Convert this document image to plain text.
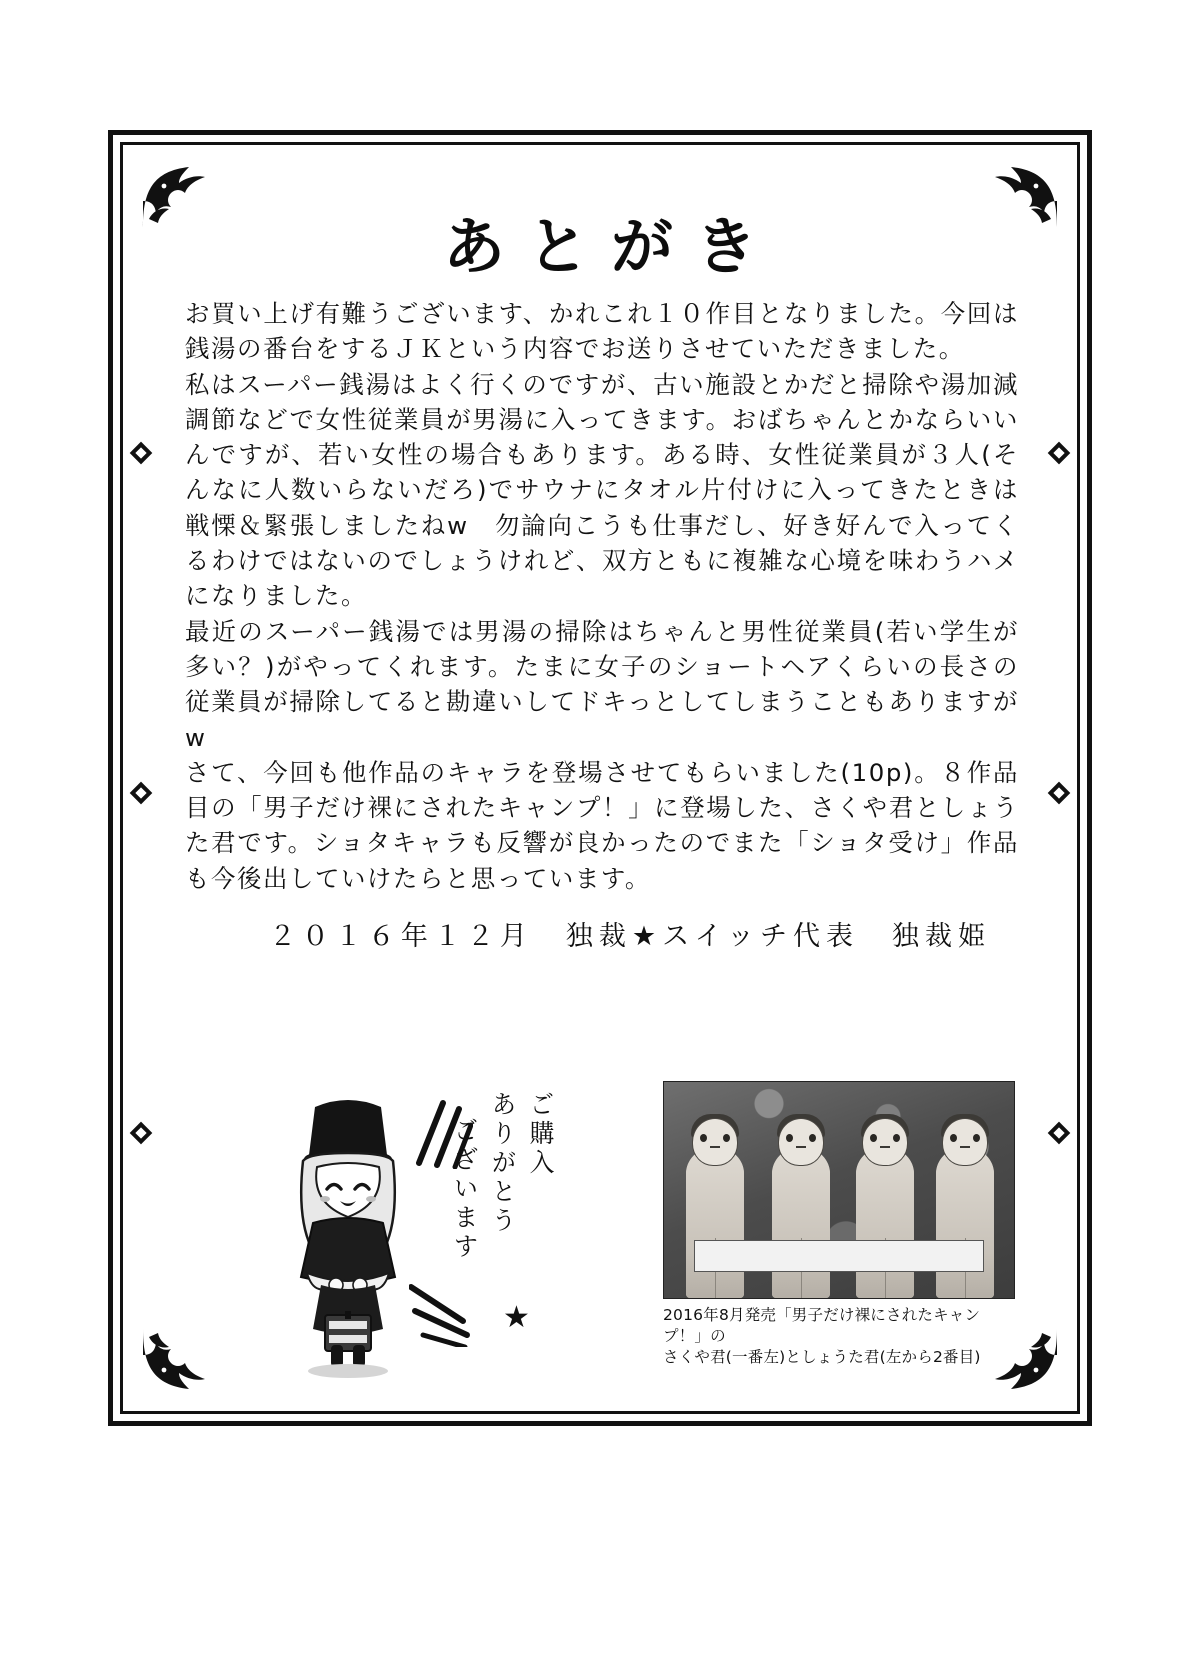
あとがき

お買い上げ有難うございます、かれこれ１０作目となりました。今回は銭湯の番台をするＪＫという内容でお送りさせていただきました。

私はスーパー銭湯はよく行くのですが、古い施設とかだと掃除や湯加減調節などで女性従業員が男湯に入ってきます。おばちゃんとかならいいんですが、若い女性の場合もあります。ある時、女性従業員が３人(そんなに人数いらないだろ)でサウナにタオル片付けに入ってきたときは戦慄＆緊張しましたねw　勿論向こうも仕事だし、好き好んで入ってくるわけではないのでしょうけれど、双方ともに複雑な心境を味わうハメになりました。

最近のスーパー銭湯では男湯の掃除はちゃんと男性従業員(若い学生が多い？)がやってくれます。たまに女子のショートヘアくらいの長さの従業員が掃除してると勘違いしてドキっとしてしまうこともありますがw

さて、今回も他作品のキャラを登場させてもらいました(10p)。８作品目の「男子だけ裸にされたキャンプ！」に登場した、さくや君としょうた君です。ショタキャラも反響が良かったのでまた「ショタ受け」作品も今後出していけたらと思っています。

２０１６年１２月　独裁★スイッチ代表　独裁姫
★
ご購入
ありがとう
ございます
2016年8月発売「男子だけ裸にされたキャンプ！」の
さくや君(一番左)としょうた君(左から2番目)
